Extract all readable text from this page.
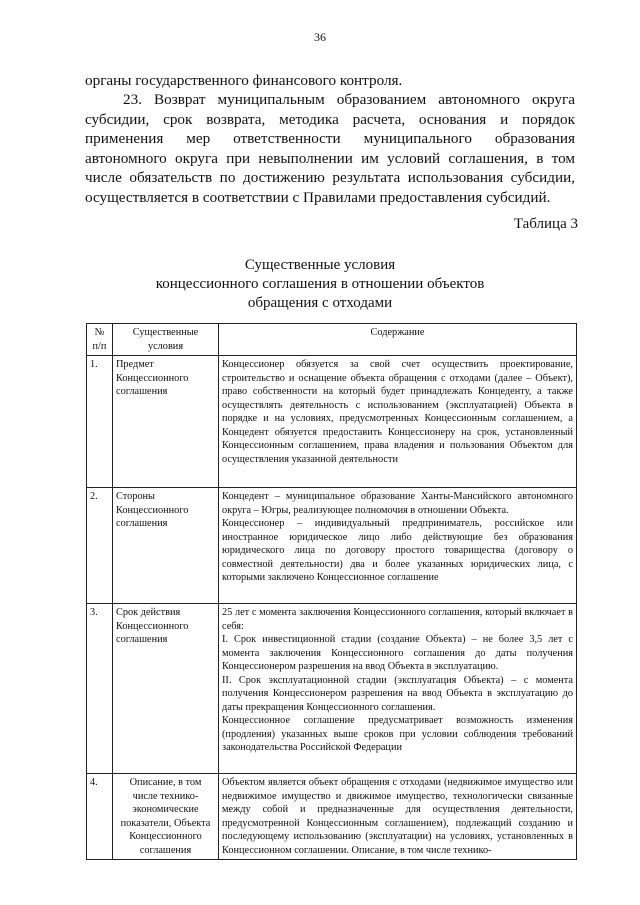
36

органы государственного финансового контроля.

23. Возврат муниципальным образованием автономного округа субсидии, срок возврата, методика расчета, основания и порядок применения мер ответственности муниципального образования автономного округа при невыполнении им условий соглашения, в том числе обязательств по достижению результата использования субсидии, осуществляется в соответствии с Правилами предоставления субсидий.

Таблица 3
Существенные условия
концессионного соглашения в отношении объектов
обращения с отходами
№ п/п	Существенные условия	Содержание
1.	Предмет Концессионного соглашения	Концессионер обязуется за свой счет осуществить проектирование, строительство и оснащение объекта обращения с отходами (далее – Объект), право собственности на который будет принадлежать Концеденту, а также осуществлять деятельность с использованием (эксплуатацией) Объекта в порядке и на условиях, предусмотренных Концессионным соглашением, а Концедент обязуется предоставить Концессионеру на срок, установленный Концессионным соглашением, права владения и пользования Объектом для осуществления указанной деятельности

2.	Стороны Концессионного соглашения	Концедент – муниципальное образование Ханты-Мансийского автономного округа – Югры, реализующее полномочия в отношении Объекта.

Концессионер – индивидуальный предприниматель, российское или иностранное юридическое лицо либо действующие без образования юридического лица по договору простого товарищества (договору о совместной деятельности) два и более указанных юридических лица, с которыми заключено Концессионное соглашение

3.	Срок действия Концессионного соглашения	25 лет с момента заключения Концессионного соглашения, который включает в себя:

I. Срок инвестиционной стадии (создание Объекта) – не более 3,5 лет с момента заключения Концессионного соглашения до даты получения Концессионером разрешения на ввод Объекта в эксплуатацию.

II. Срок эксплуатационной стадии (эксплуатация Объекта) – с момента получения Концессионером разрешения на ввод Объекта в эксплуатацию до даты прекращения Концессионного соглашения.

Концессионное соглашение предусматривает возможность изменения (продления) указанных выше сроков при условии соблюдения требований законодательства Российской Федерации

4.	Описание, в том числе технико-экономические показатели, Объекта Концессионного соглашения	Объектом является объект обращения с отходами (недвижимое имущество или недвижимое имущество и движимое имущество, технологически связанные между собой и предназначенные для осуществления деятельности, предусмотренной Концессионным соглашением), подлежащий созданию и последующему использованию (эксплуатации) на условиях, установленных в Концессионном соглашении. Описание, в том числе технико-
